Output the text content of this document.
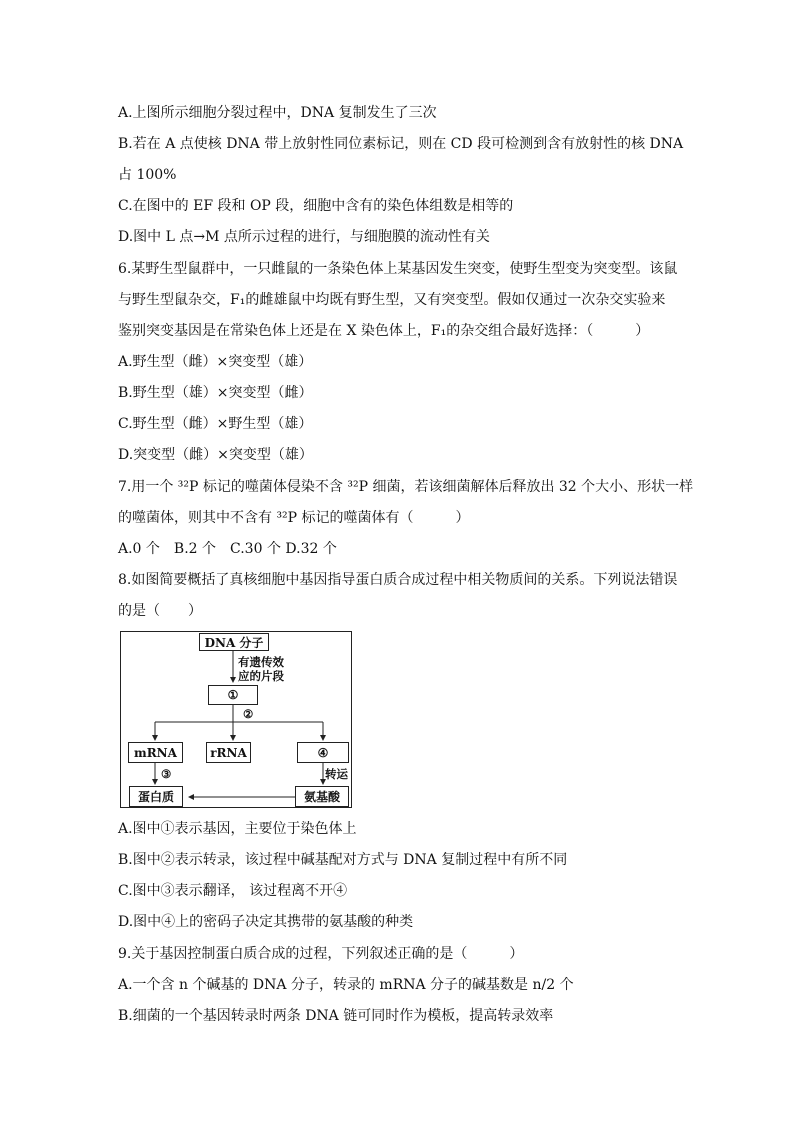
A.上图所示细胞分裂过程中，DNA 复制发生了三次
B.若在 A 点使核 DNA 带上放射性同位素标记，则在 CD 段可检测到含有放射性的核 DNA
占 100%
C.在图中的 EF 段和 OP 段，细胞中含有的染色体组数是相等的
D.图中 L 点→M 点所示过程的进行，与细胞膜的流动性有关
6.某野生型鼠群中，一只雌鼠的一条染色体上某基因发生突变，使野生型变为突变型。该鼠
与野生型鼠杂交，F₁的雌雄鼠中均既有野生型，又有突变型。假如仅通过一次杂交实验来
鉴别突变基因是在常染色体上还是在 X 染色体上，F₁的杂交组合最好选择：（　　　）
A.野生型（雌）×突变型（雄）
B.野生型（雄）×突变型（雌）
C.野生型（雌）×野生型（雄）
D.突变型（雌）×突变型（雄）
7.用一个 ³²P 标记的噬菌体侵染不含 ³²P 细菌，若该细菌解体后释放出 32 个大小、形状一样
的噬菌体，则其中不含有 ³²P 标记的噬菌体有（　　　）
A.0 个　B.2 个　C.30 个 D.32 个
8.如图简要概括了真核细胞中基因指导蛋白质合成过程中相关物质间的关系。下列说法错误
的是（　　）
DNA 分子
有遗传效
应的片段
①
②
mRNA	rRNA	④
③	转运
蛋白质	氨基酸
A.图中①表示基因，主要位于染色体上
B.图中②表示转录，该过程中碱基配对方式与 DNA 复制过程中有所不同
C.图中③表示翻译， 该过程离不开④
D.图中④上的密码子决定其携带的氨基酸的种类
9.关于基因控制蛋白质合成的过程，下列叙述正确的是（　　　）
A.一个含 n 个碱基的 DNA 分子，转录的 mRNA 分子的碱基数是 n/2 个
B.细菌的一个基因转录时两条 DNA 链可同时作为模板，提高转录效率
